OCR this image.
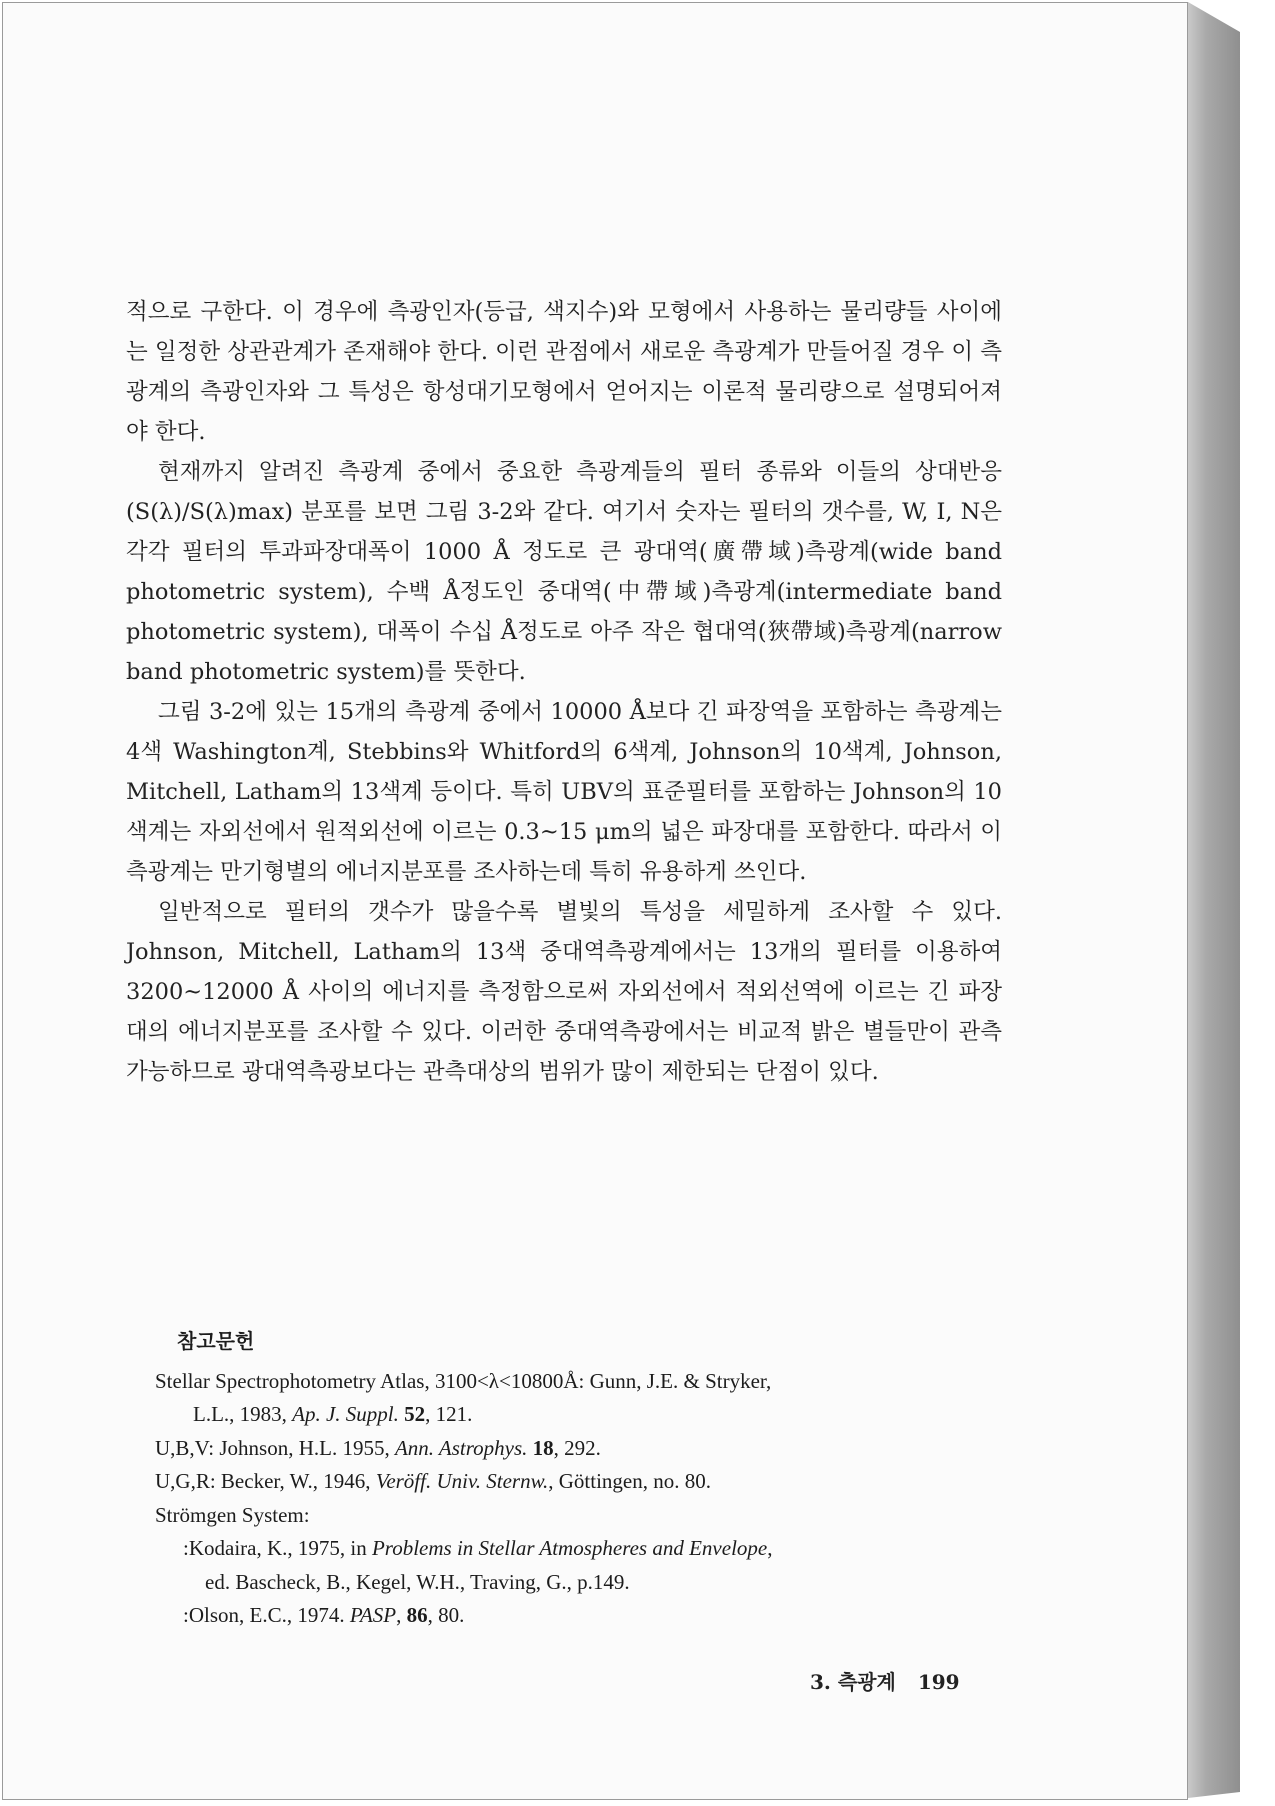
적으로 구한다. 이 경우에 측광인자(등급, 색지수)와 모형에서 사용하는 물리량들 사이에는 일정한 상관관계가 존재해야 한다. 이런 관점에서 새로운 측광계가 만들어질 경우 이 측광계의 측광인자와 그 특성은 항성대기모형에서 얻어지는 이론적 물리량으로 설명되어져야 한다.

현재까지 알려진 측광계 중에서 중요한 측광계들의 필터 종류와 이들의 상대반응(S(λ)/S(λ)max) 분포를 보면 그림 3-2와 같다. 여기서 숫자는 필터의 갯수를, W, I, N은 각각 필터의 투과파장대폭이 1000 Å 정도로 큰 광대역(廣帶域)측광계(wide band photometric system), 수백 Å정도인 중대역(中帶域)측광계(intermediate band photometric system), 대폭이 수십 Å정도로 아주 작은 협대역(狹帶域)측광계(narrow band photometric system)를 뜻한다.

그림 3-2에 있는 15개의 측광계 중에서 10000 Å보다 긴 파장역을 포함하는 측광계는 4색 Washington계, Stebbins와 Whitford의 6색계, Johnson의 10색계, Johnson, Mitchell, Latham의 13색계 등이다. 특히 UBV의 표준필터를 포함하는 Johnson의 10색계는 자외선에서 원적외선에 이르는 0.3~15 μm의 넓은 파장대를 포함한다. 따라서 이 측광계는 만기형별의 에너지분포를 조사하는데 특히 유용하게 쓰인다.

일반적으로 필터의 갯수가 많을수록 별빛의 특성을 세밀하게 조사할 수 있다. Johnson, Mitchell, Latham의 13색 중대역측광계에서는 13개의 필터를 이용하여 3200~12000 Å 사이의 에너지를 측정함으로써 자외선에서 적외선역에 이르는 긴 파장대의 에너지분포를 조사할 수 있다. 이러한 중대역측광에서는 비교적 밝은 별들만이 관측가능하므로 광대역측광보다는 관측대상의 범위가 많이 제한되는 단점이 있다.

참고문헌

Stellar Spectrophotometry Atlas, 3100<λ<10800Å: Gunn, J.E. & Stryker,
L.L., 1983, Ap. J. Suppl. 52, 121.

U,B,V: Johnson, H.L. 1955, Ann. Astrophys. 18, 292.

U,G,R: Becker, W., 1946, Veröff. Univ. Sternw., Göttingen, no. 80.

Strömgen System:

:Kodaira, K., 1975, in Problems in Stellar Atmospheres and Envelope,
ed. Bascheck, B., Kegel, W.H., Traving, G., p.149.

:Olson, E.C., 1974. PASP, 86, 80.

3. 측광계 199
